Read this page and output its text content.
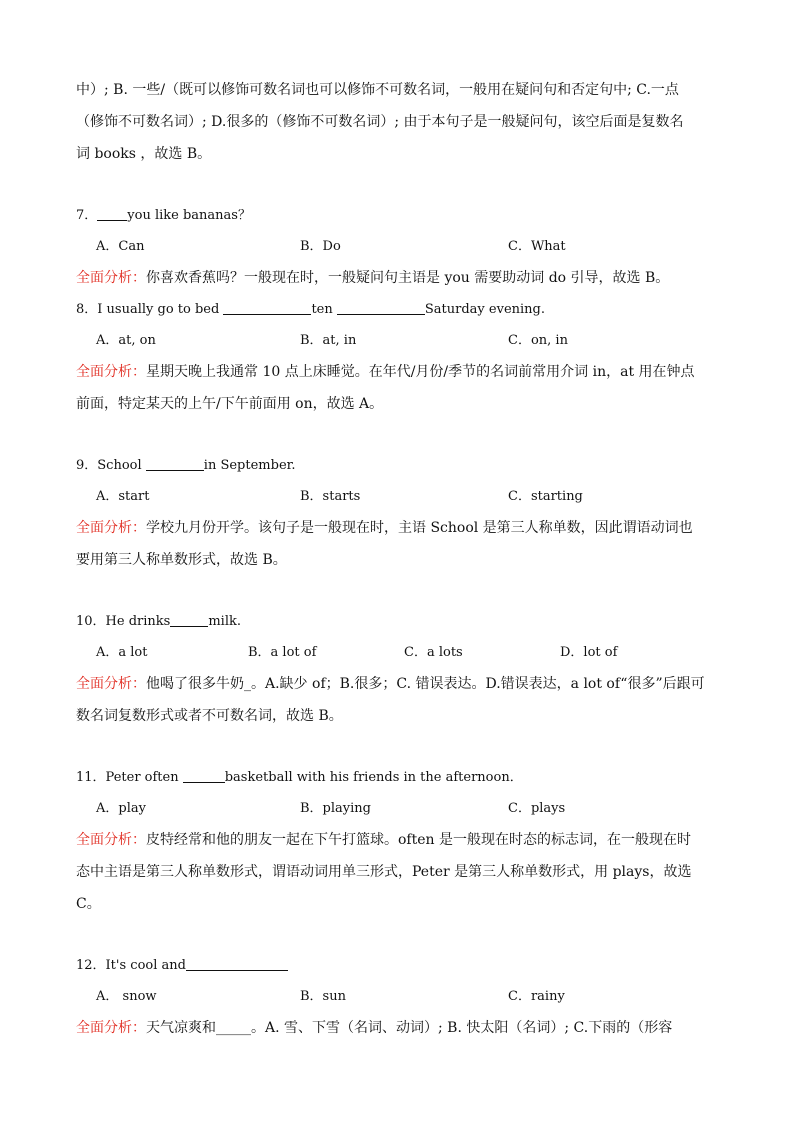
中）; B. 一些/（既可以修饰可数名词也可以修饰不可数名词，一般用在疑问句和否定句中; C.一点
（修饰不可数名词）; D.很多的（修饰不可数名词）; 由于本句子是一般疑问句，该空后面是复数名
词 books ，故选 B。
7． you like bananas？
A．Can	B．Do	C．What
全面分析：你喜欢香蕉吗？一般现在时，一般疑问句主语是 you 需要助动词 do 引导，故选 B。
8．I usually go to bed	ten	Saturday evening.
A．at, on	B．at, in	C．on, in
全面分析：星期天晚上我通常 10 点上床睡觉。在年代/月份/季节的名词前常用介词 in，at 用在钟点
前面，特定某天的上午/下午前面用 on，故选 A。
9．School	in September.
A．start	B．starts	C．starting
全面分析：学校九月份开学。该句子是一般现在时，主语 School 是第三人称单数，因此谓语动词也
要用第三人称单数形式，故选 B。
10．He drinks	milk.
A．a lot	B．a lot of	C．a lots	D．lot of
全面分析：他喝了很多牛奶_。A.缺少 of；B.很多；C. 错误表达。D.错误表达，a lot of“很多”后跟可
数名词复数形式或者不可数名词，故选 B。
11．Peter often	basketball with his friends in the afternoon．
A．play	B．playing	C．plays
全面分析：皮特经常和他的朋友一起在下午打篮球。often 是一般现在时态的标志词，在一般现在时
态中主语是第三人称单数形式，谓语动词用单三形式，Peter 是第三人称单数形式，用 plays，故选
C。
12．It's cool and
A． snow	B．sun	C．rainy
全面分析：天气凉爽和_____。A. 雪、下雪（名词、动词）; B. 快太阳（名词）; C.下雨的（形容
